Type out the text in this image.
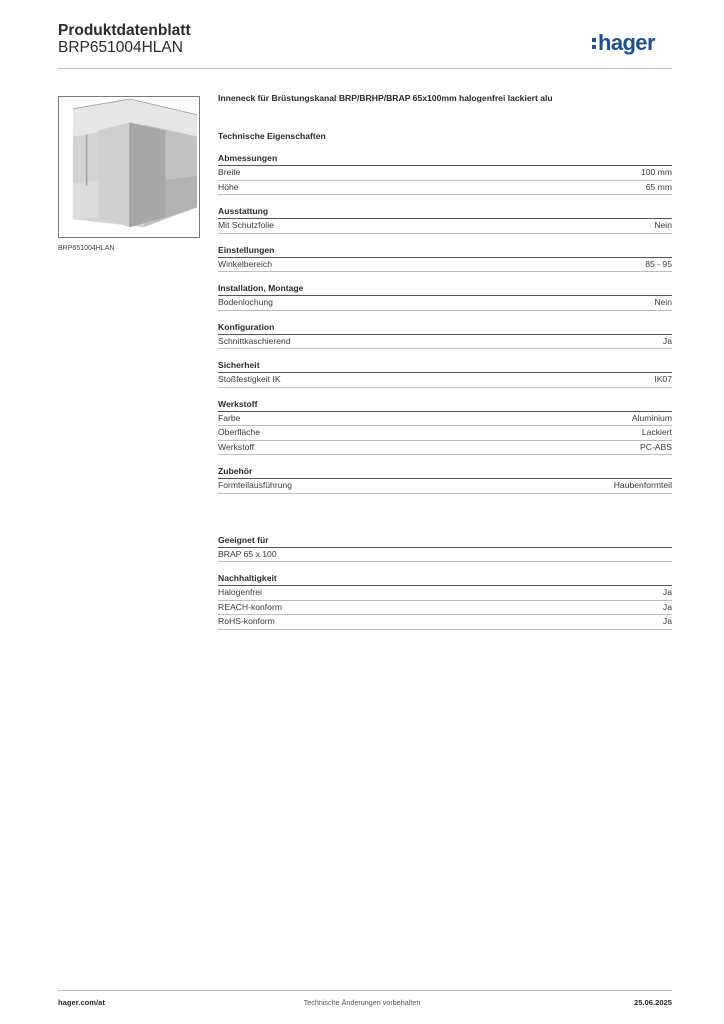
Produktdatenblatt
BRP651004HLAN	hager
BRP651004HLAN

Inneneck für Brüstungskanal BRP/BRHP/BRAP 65x100mm halogenfrei lackiert alu

Technische Eigenschaften
Abmessungen
Breite	100 mm
Höhe	65 mm
Ausstattung
Mit Schutzfolie	Nein
Einstellungen
Winkelbereich	85 - 95
Installation, Montage
Bodenlochung	Nein
Konfiguration
Schnittkaschierend	Ja
Sicherheit
Stoßfestigkeit IK	IK07
Werkstoff
Farbe	Aluminium
Oberfläche	Lackiert
Werkstoff	PC-ABS
Zubehör
Formteilausführung	Haubenformteil
Geeignet für
BRAP 65 x 100
Nachhaltigkeit
Halogenfrei	Ja
REACH-konform	Ja
RoHS-konform	Ja
hager.com/at	Technische Änderungen vorbehalten	25.06.2025
